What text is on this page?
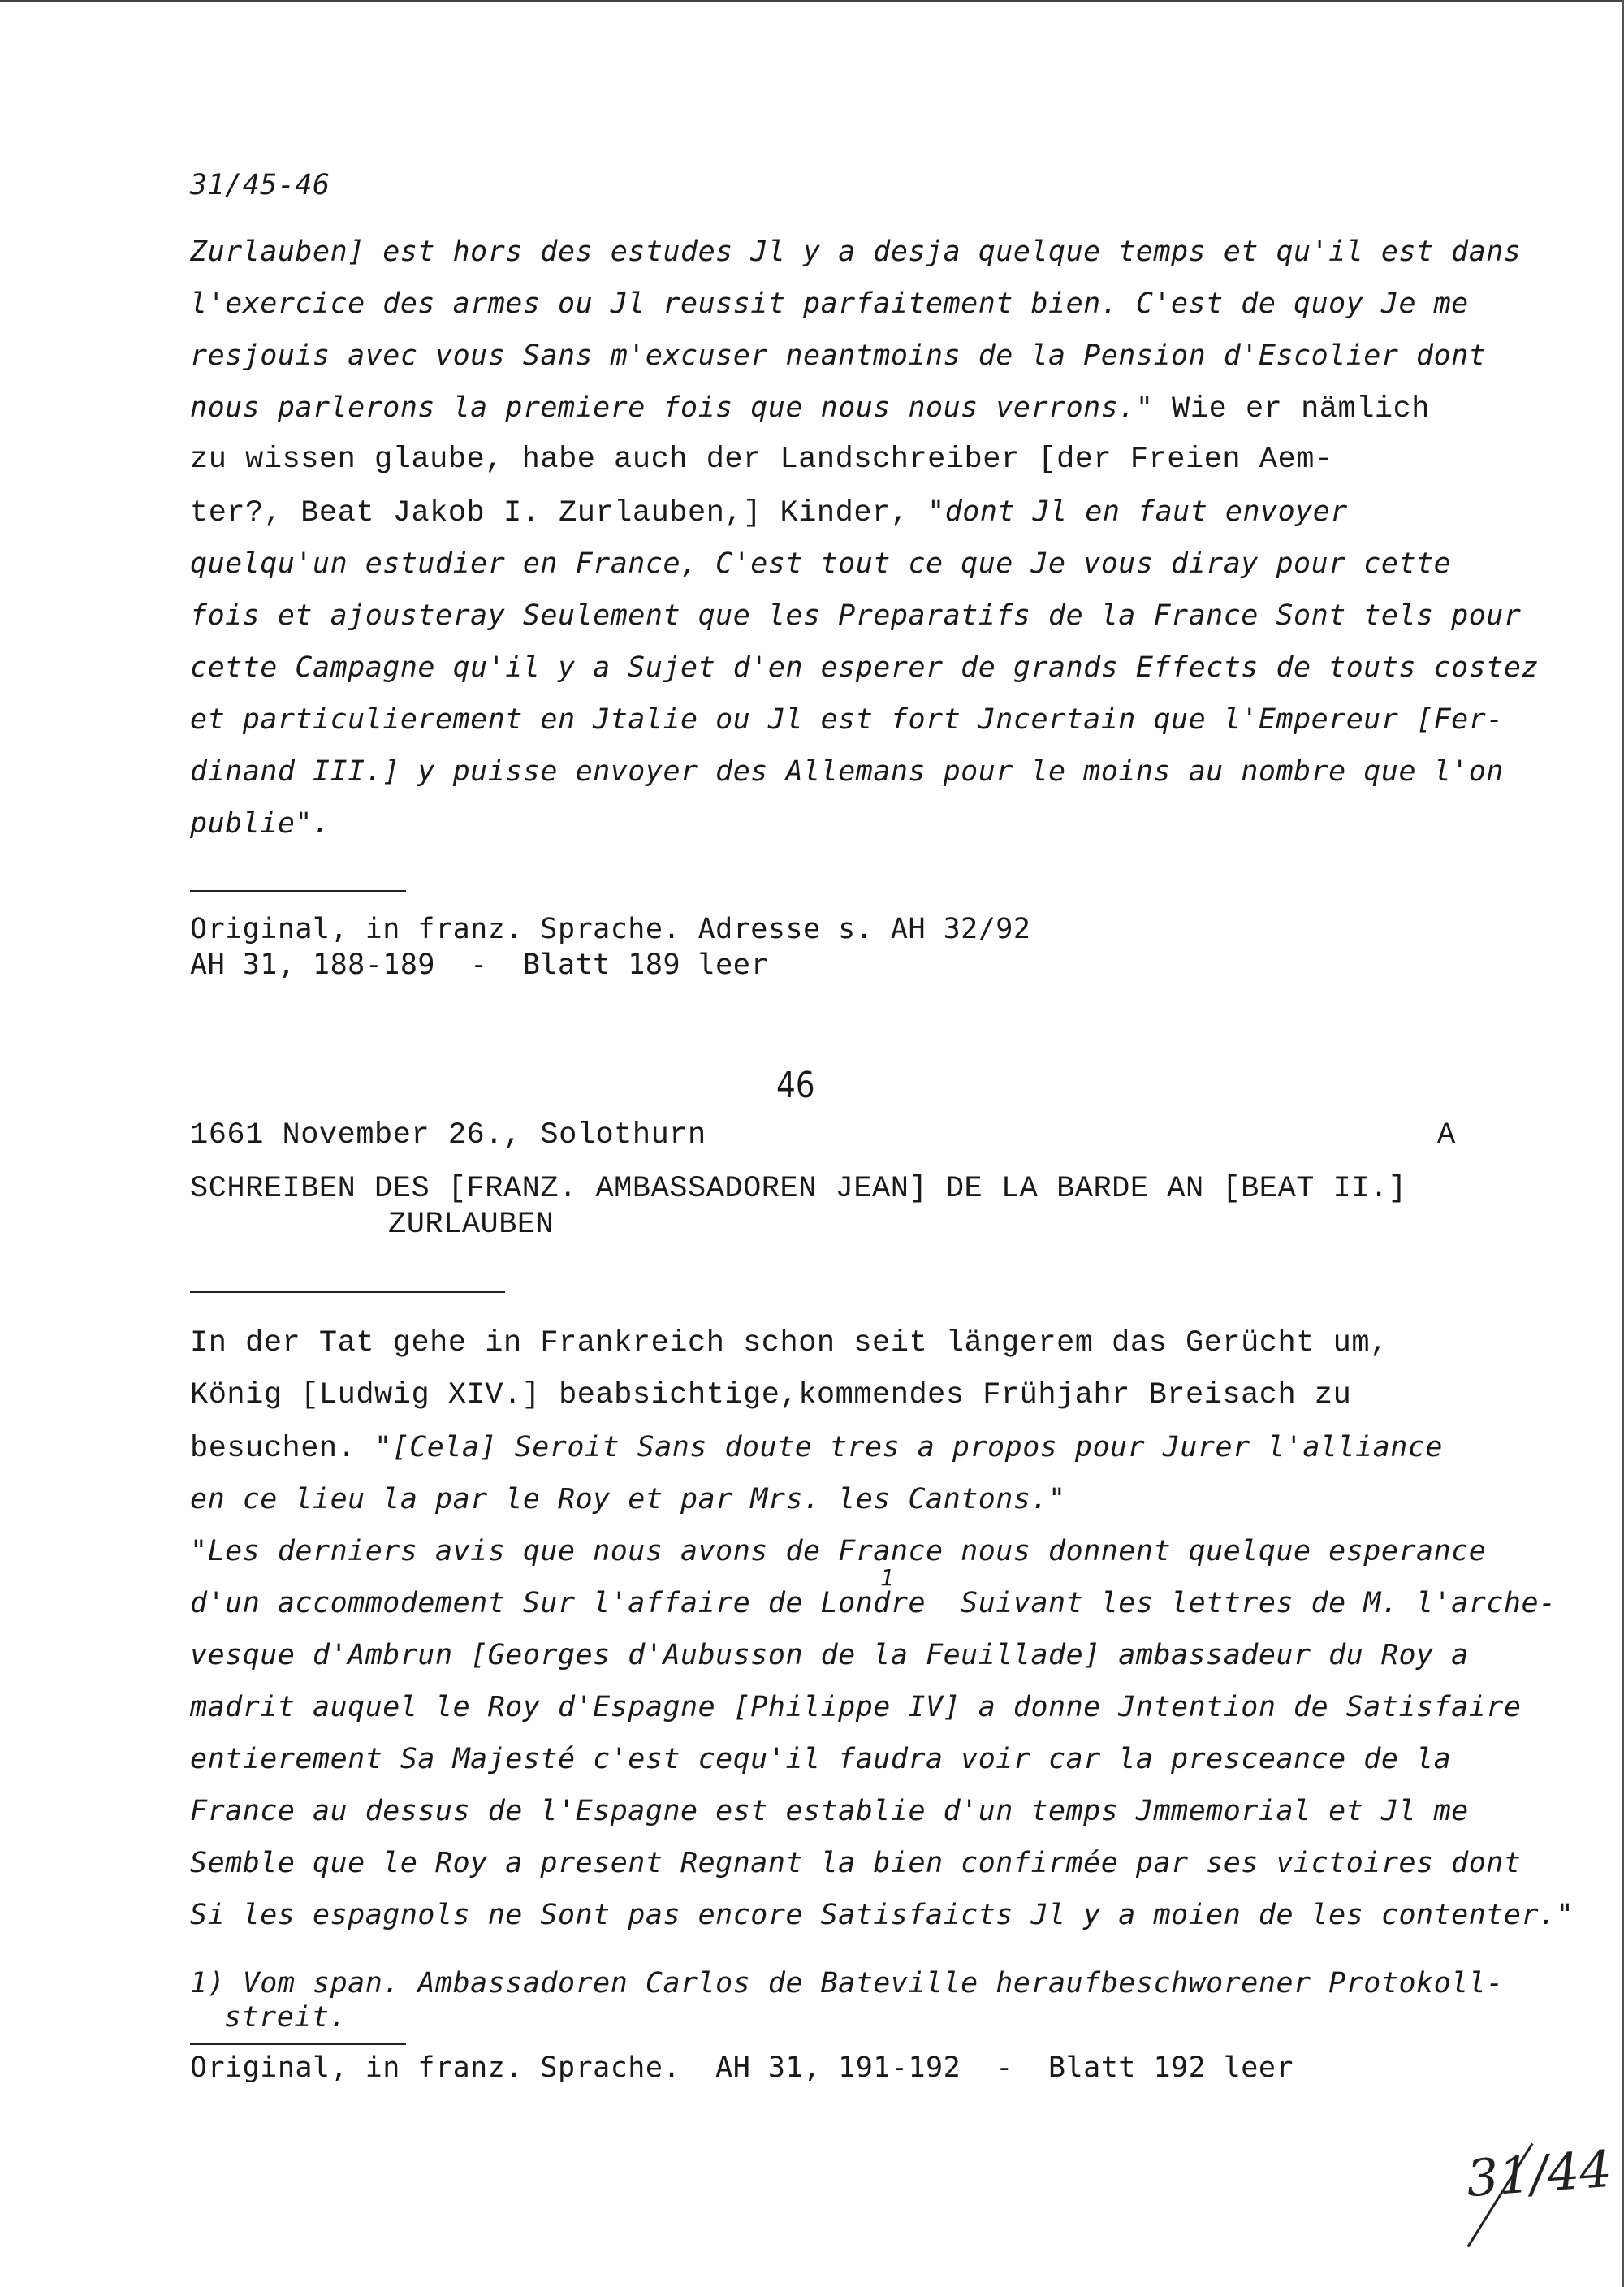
31/45-46
Zurlauben] est hors des estudes Jl y a desja quelque temps et qu'il est dans
l'exercice des armes ou Jl reussit parfaitement bien. C'est de quoy Je me
resjouis avec vous Sans m'excuser neantmoins de la Pension d'Escolier dont
nous parlerons la premiere fois que nous nous verrons." Wie er nämlich
zu wissen glaube, habe auch der Landschreiber [der Freien Aem-
ter?, Beat Jakob I. Zurlauben,] Kinder, "dont Jl en faut envoyer
quelqu'un estudier en France, C'est tout ce que Je vous diray pour cette
fois et ajousteray Seulement que les Preparatifs de la France Sont tels pour
cette Campagne qu'il y a Sujet d'en esperer de grands Effects de touts costez
et particulierement en Jtalie ou Jl est fort Jncertain que l'Empereur [Fer-
dinand III.] y puisse envoyer des Allemans pour le moins au nombre que l'on
publie".
Original, in franz. Sprache. Adresse s. AH 32/92
AH 31, 188-189  -  Blatt 189 leer
46
1661 November 26., Solothurn	A
SCHREIBEN DES [FRANZ. AMBASSADOREN JEAN] DE LA BARDE AN [BEAT II.]
ZURLAUBEN
In der Tat gehe in Frankreich schon seit längerem das Gerücht um,
König [Ludwig XIV.] beabsichtige,kommendes Frühjahr Breisach zu
besuchen. "[Cela] Seroit Sans doute tres a propos pour Jurer l'alliance
en ce lieu la par le Roy et par Mrs. les Cantons."
"Les derniers avis que nous avons de France nous donnent quelque esperance
d'un accommodement Sur l'affaire de Londre  Suivant les lettres de M. l'arche-
1
vesque d'Ambrun [Georges d'Aubusson de la Feuillade] ambassadeur du Roy a
madrit auquel le Roy d'Espagne [Philippe IV] a donne Jntention de Satisfaire
entierement Sa Majesté c'est cequ'il faudra voir car la presceance de la
France au dessus de l'Espagne est establie d'un temps Jmmemorial et Jl me
Semble que le Roy a present Regnant la bien confirmée par ses victoires dont
Si les espagnols ne Sont pas encore Satisfaicts Jl y a moien de les contenter."
1) Vom span. Ambassadoren Carlos de Bateville heraufbeschworener Protokoll-
streit.
Original, in franz. Sprache.  AH 31, 191-192  -  Blatt 192 leer
31/44
